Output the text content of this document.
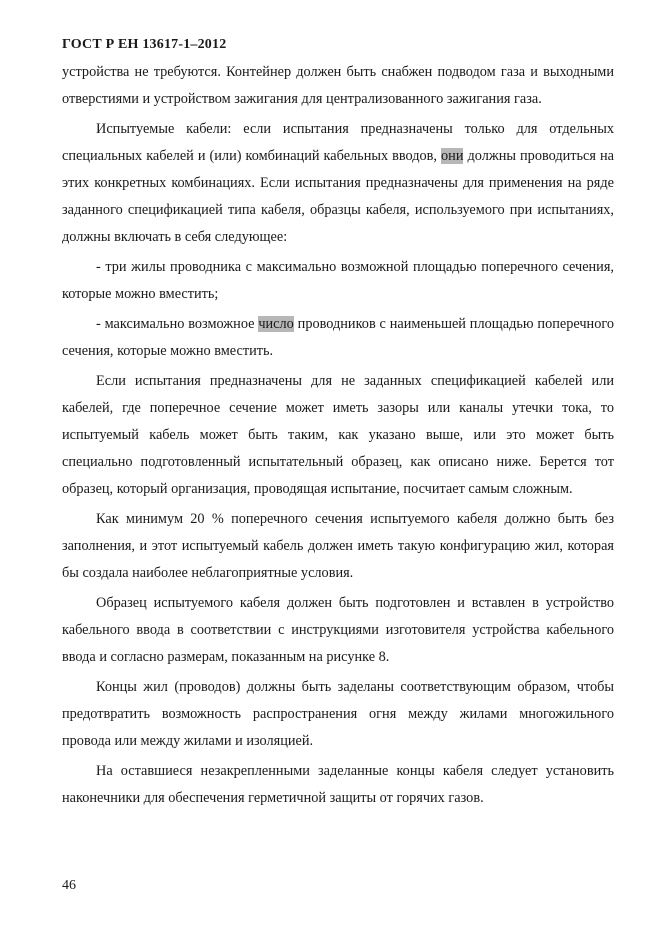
ГОСТ Р ЕН 13617-1–2012

устройства не требуются. Контейнер должен быть снабжен подводом газа и выходными отверстиями и устройством зажигания для централизованного зажигания газа.

Испытуемые кабели: если испытания предназначены только для отдельных специальных кабелей и (или) комбинаций кабельных вводов, они должны проводиться на этих конкретных комбинациях. Если испытания предназначены для применения на ряде заданного спецификацией типа кабеля, образцы кабеля, используемого при испытаниях, должны включать в себя следующее:

- три жилы проводника с максимально возможной площадью поперечного сечения, которые можно вместить;

- максимально возможное число проводников с наименьшей площадью поперечного сечения, которые можно вместить.

Если испытания предназначены для не заданных спецификацией кабелей или кабелей, где поперечное сечение может иметь зазоры или каналы утечки тока, то испытуемый кабель может быть таким, как указано выше, или это может быть специально подготовленный испытательный образец, как описано ниже. Берется тот образец, который организация, проводящая испытание, посчитает самым сложным.

Как минимум 20 % поперечного сечения испытуемого кабеля должно быть без заполнения, и этот испытуемый кабель должен иметь такую конфигурацию жил, которая бы создала наиболее неблагоприятные условия.

Образец испытуемого кабеля должен быть подготовлен и вставлен в устройство кабельного ввода в соответствии с инструкциями изготовителя устройства кабельного ввода и согласно размерам, показанным на рисунке 8.

Концы жил (проводов) должны быть заделаны соответствующим образом, чтобы предотвратить возможность распространения огня между жилами многожильного провода или между жилами и изоляцией.

На оставшиеся незакрепленными заделанные концы кабеля следует установить наконечники для обеспечения герметичной защиты от горячих газов.

46
